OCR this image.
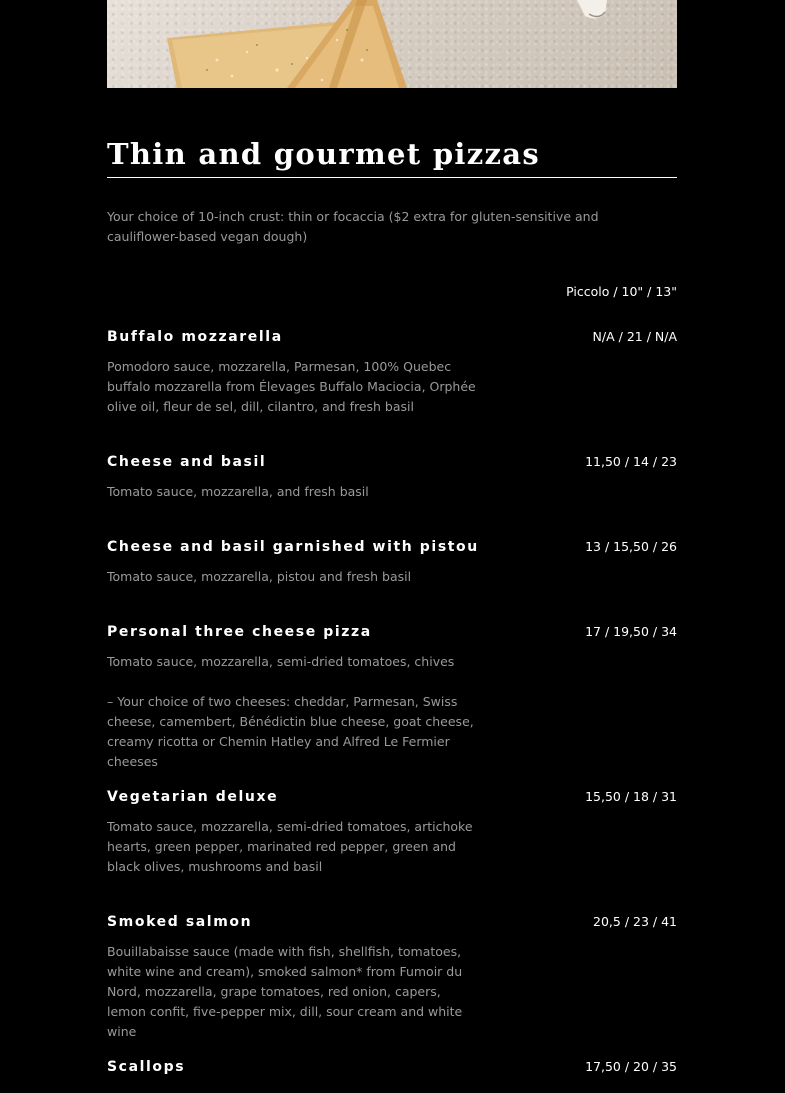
Thin and gourmet pizzas

Your choice of 10-inch crust: thin or focaccia ($2 extra for gluten-sensitive and cauliflower-based vegan dough)

Piccolo / 10" / 13"
Buffalo mozzarella	N/A / 21 / N/A
Pomodoro sauce, mozzarella, Parmesan, 100% Quebec buffalo mozzarella from Élevages Buffalo Maciocia, Orphée olive oil, fleur de sel, dill, cilantro, and fresh basil
Cheese and basil	11,50 / 14 / 23
Tomato sauce, mozzarella, and fresh basil
Cheese and basil garnished with pistou	13 / 15,50 / 26
Tomato sauce, mozzarella, pistou and fresh basil
Personal three cheese pizza	17 / 19,50 / 34
Tomato sauce, mozzarella, semi-dried tomatoes, chives
– Your choice of two cheeses: cheddar, Parmesan, Swiss cheese, camembert, Bénédictin blue cheese, goat cheese, creamy ricotta or Chemin Hatley and Alfred Le Fermier cheeses
Vegetarian deluxe	15,50 / 18 / 31
Tomato sauce, mozzarella, semi-dried tomatoes, artichoke hearts, green pepper, marinated red pepper, green and black olives, mushrooms and basil
Smoked salmon	20,5 / 23 / 41
Bouillabaisse sauce (made with fish, shellfish, tomatoes, white wine and cream), smoked salmon* from Fumoir du Nord, mozzarella, grape tomatoes, red onion, capers, lemon confit, five-pepper mix, dill, sour cream and white wine
Scallops	17,50 / 20 / 35
